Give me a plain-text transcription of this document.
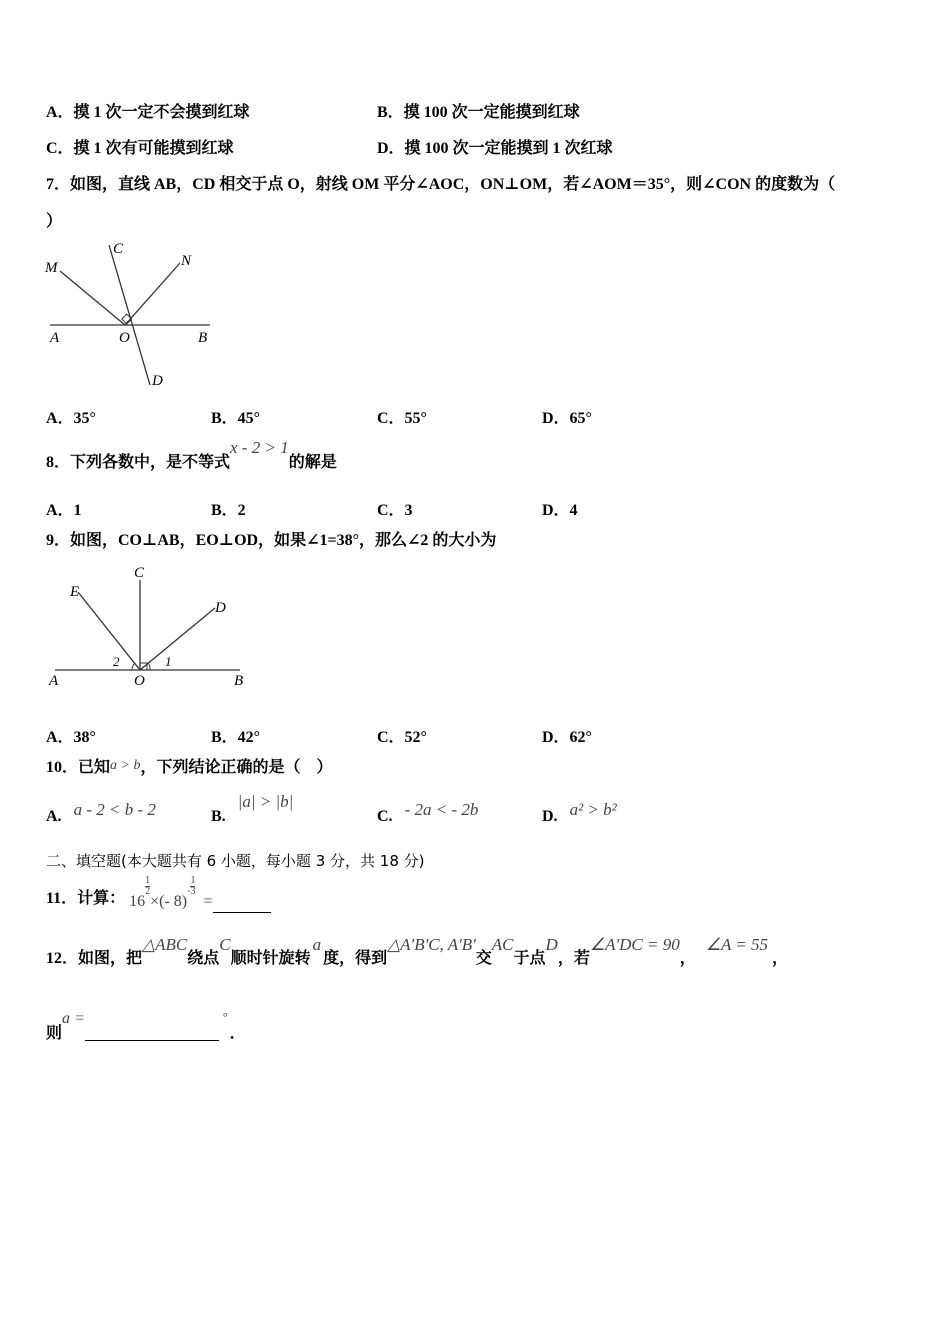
A．摸 1 次一定不会摸到红球	B．摸 100 次一定能摸到红球
C．摸 1 次有可能摸到红球	D．摸 100 次一定能摸到 1 次红球
7．如图，直线 AB，CD 相交于点 O，射线 OM 平分∠AOC，ON⊥OM，若∠AOM＝35°，则∠CON 的度数为（
）
M
C
N
A	O	B
D
A．35°	B．45°	C．55°	D．65°
8．下列各数中，是不等式x - 2 > 1的解是
A．1	B．2	C．3	D．4
9．如图，CO⊥AB，EO⊥OD，如果∠1=38°，那么∠2 的大小为
E
C
D
A	O	B
2	1
A．38°	B．42°	C．52°	D．62°
10．已知a > b，下列结论正确的是（　）
A. a - 2 < b - 2	B. |a| > |b|
C. - 2a < - 2b	D. a² > b²
二、填空题(本大题共有 6 小题，每小题 3 分，共 18 分)
11．计算： 16
$\frac{1}{2}$
×(- $8)- \frac{1}{3}$
=
12．如图，把△ABC绕点C顺时针旋转a度，得到△A'B'C, A'B'交AC于点D，若∠A'DC = 90，∠A = 55，
则a =	°．
